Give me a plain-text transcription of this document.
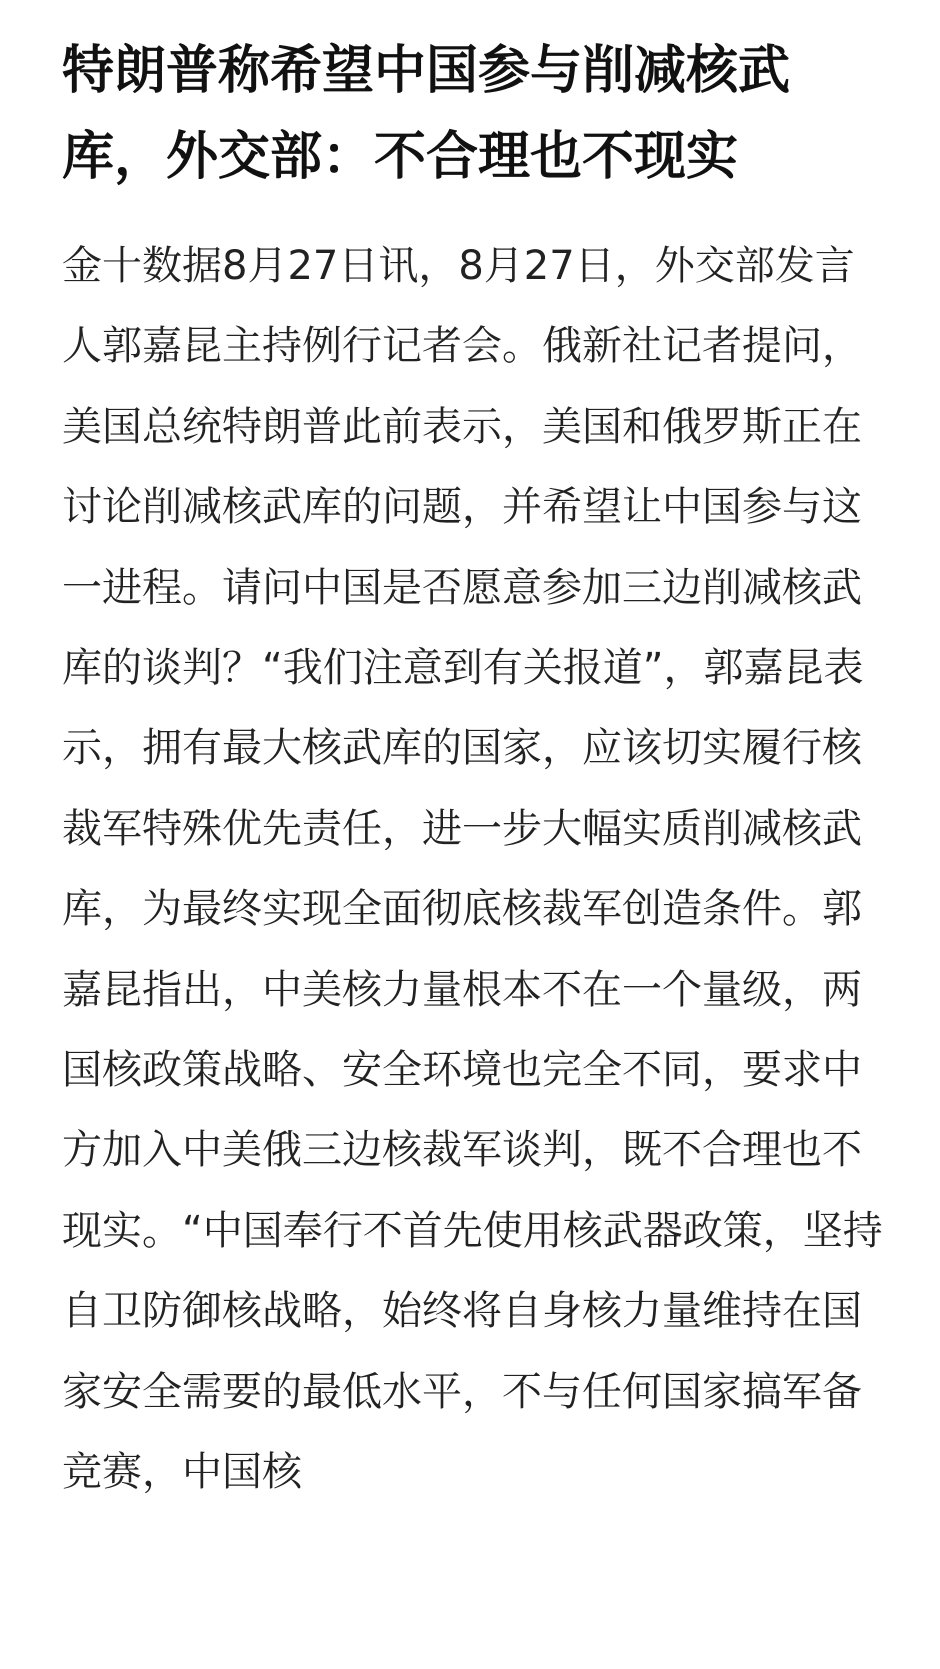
特朗普称希望中国参与削减核武库，外交部：不合理也不现实

金十数据8月27日讯，8月27日，外交部发言人郭嘉昆主持例行记者会。俄新社记者提问，美国总统特朗普此前表示，美国和俄罗斯正在讨论削减核武库的问题，并希望让中国参与这一进程。请问中国是否愿意参加三边削减核武库的谈判？“我们注意到有关报道”，郭嘉昆表示，拥有最大核武库的国家，应该切实履行核裁军特殊优先责任，进一步大幅实质削减核武库，为最终实现全面彻底核裁军创造条件。郭嘉昆指出，中美核力量根本不在一个量级，两国核政策战略、安全环境也完全不同，要求中方加入中美俄三边核裁军谈判，既不合理也不现实。“中国奉行不首先使用核武器政策，坚持自卫防御核战略，始终将自身核力量维持在国家安全需要的最低水平，不与任何国家搞军备竞赛，中国核
